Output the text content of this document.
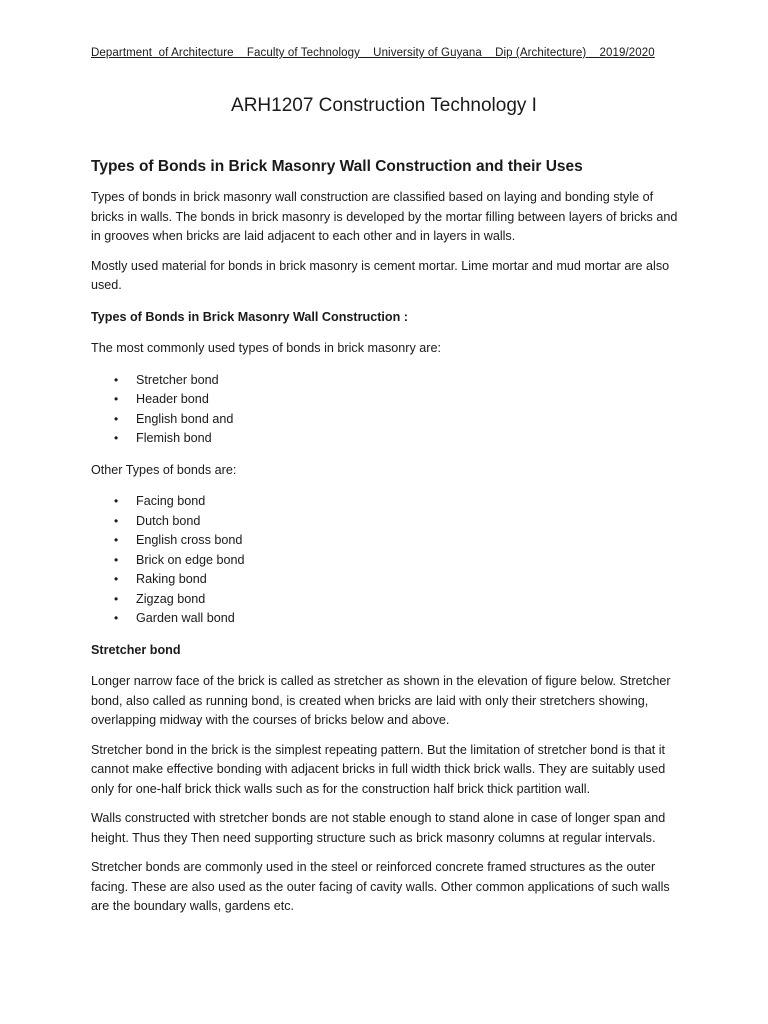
Department  of Architecture    Faculty of Technology    University of Guyana    Dip (Architecture)    2019/2020
ARH1207 Construction Technology I
Types of Bonds in Brick Masonry Wall Construction and their Uses

Types of bonds in brick masonry wall construction are classified based on laying and bonding style of bricks in walls. The bonds in brick masonry is developed by the mortar filling between layers of bricks and in grooves when bricks are laid adjacent to each other and in layers in walls.

Mostly used material for bonds in brick masonry is cement mortar. Lime mortar and mud mortar are also used.

Types of Bonds in Brick Masonry Wall Construction :

The most commonly used types of bonds in brick masonry are:

• Stretcher bond
• Header bond
• English bond and
• Flemish bond

Other Types of bonds are:

• Facing bond
• Dutch bond
• English cross bond
• Brick on edge bond
• Raking bond
• Zigzag bond
• Garden wall bond

Stretcher bond

Longer narrow face of the brick is called as stretcher as shown in the elevation of figure below. Stretcher bond, also called as running bond, is created when bricks are laid with only their stretchers showing, overlapping midway with the courses of bricks below and above.

Stretcher bond in the brick is the simplest repeating pattern. But the limitation of stretcher bond is that it cannot make effective bonding with adjacent bricks in full width thick brick walls. They are suitably used only for one-half brick thick walls such as for the construction half brick thick partition wall.

Walls constructed with stretcher bonds are not stable enough to stand alone in case of longer span and height. Thus they Then need supporting structure such as brick masonry columns at regular intervals.

Stretcher bonds are commonly used in the steel or reinforced concrete framed structures as the outer facing. These are also used as the outer facing of cavity walls. Other common applications of such walls are the boundary walls, gardens etc.
